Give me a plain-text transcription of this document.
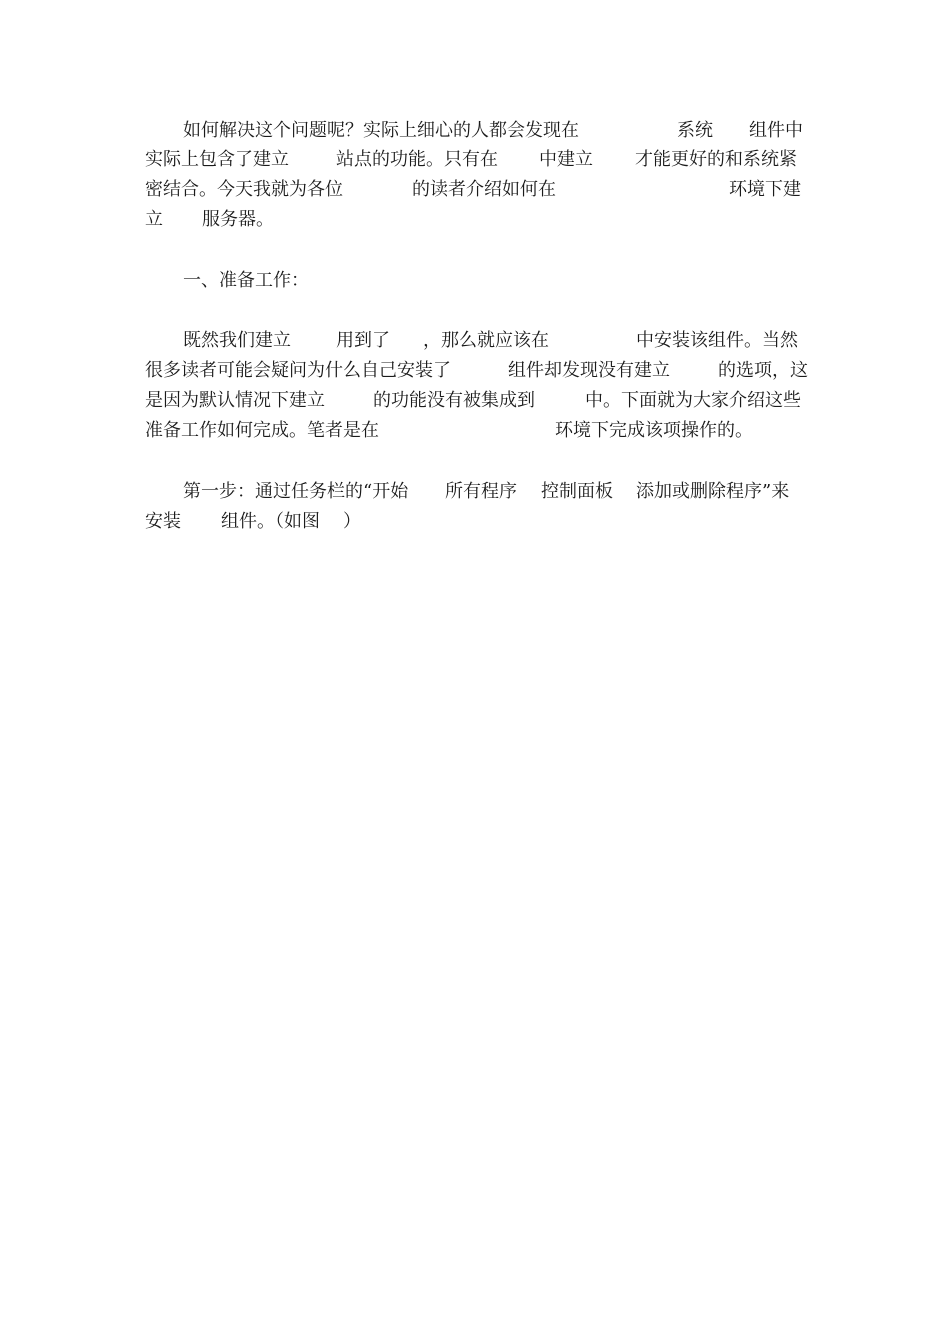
如何解决这个问题呢？实际上细心的人都会发现在

	系统

组件中

实际上包含了建立

	站点的功能。只有在

中建立

才能更好的和系统紧

密结合。今天我就为各位

	的读者介绍如何在

	环境下建

立

服务器。

一、准备工作：

既然我们建立

	用到了

，那么就应该在

	中安装该组件。当然

很多读者可能会疑问为什么自己安装了

	组件却发现没有建立

	的选项，这

是因为默认情况下建立

	的功能没有被集成到

	中。下面就为大家介绍这些

准备工作如何完成。笔者是在

	环境下完成该项操作的。

第一步：通过任务栏的“开始

所有程序

控制面板

添加或删除程序”来

安装

组件。（如图

）
